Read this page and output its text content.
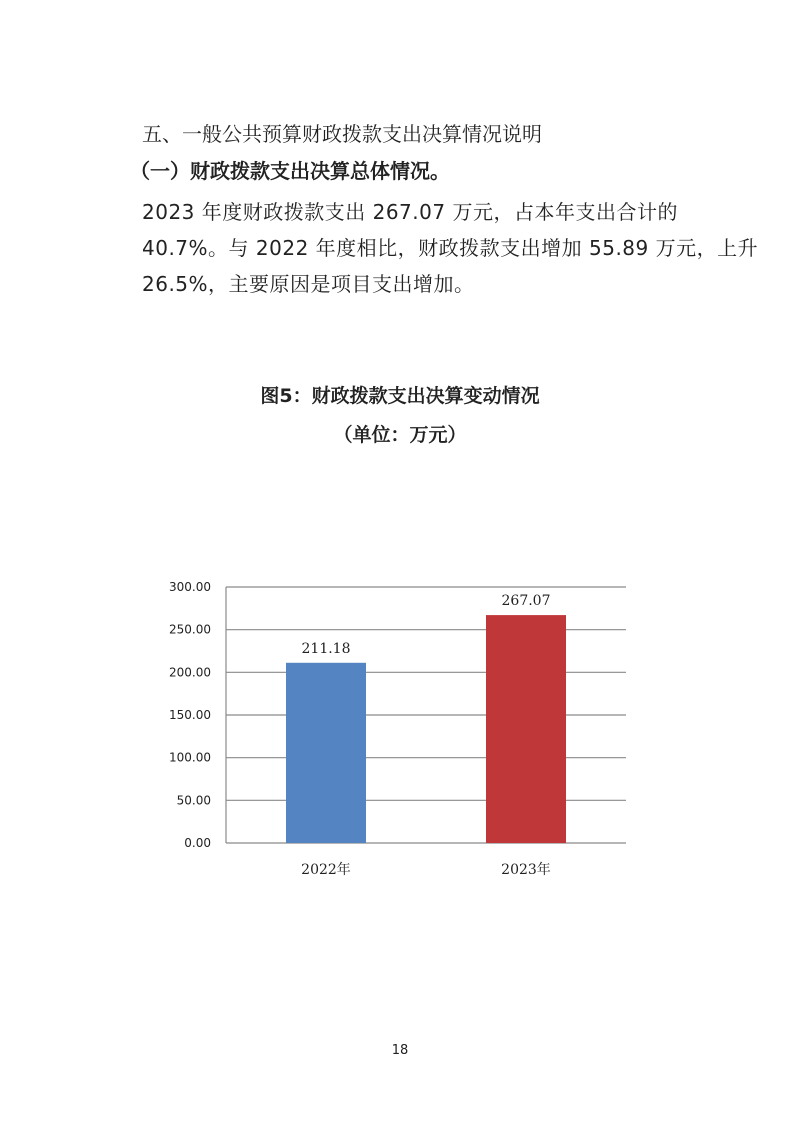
五、一般公共预算财政拨款支出决算情况说明
（一）财政拨款支出决算总体情况。
2023 年度财政拨款支出 267.07 万元，占本年支出合计的
40.7%。与 2022 年度相比，财政拨款支出增加 55.89 万元，上升
26.5%，主要原因是项目支出增加。
图5：财政拨款支出决算变动情况
（单位：万元）
0.00
50.00
100.00
150.00
200.00
250.00
300.00
211.18
2022年
267.07
2023年
18
